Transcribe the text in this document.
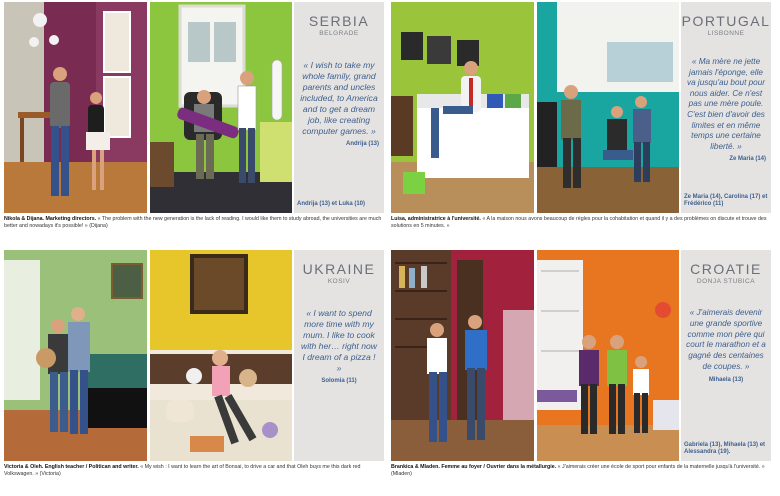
SERBIA
BELGRADE
« I wish to take my whole family, grand parents and uncles included, to America and to get a dream job, like creating computer games. »
Andrija (13)
Andrija (13) et Luka (10)
Nikola & Dijana. Marketing directors. « The problem with the new generation is the lack of reading. I would like them to study abroad, the universities are much better and nowadays it's possible! » (Dijana)
PORTUGAL
LISBONNE
« Ma mère ne jette jamais l'éponge, elle va jusqu'au bout pour nous aider. Ce n'est pas une mère poule. C'est bien d'avoir des limites et en même temps une certaine liberté. »
Ze Maria (14)
Ze Maria (14), Carolina (17) et Frédérico (11)
Luisa, administratrice à l'université. « A la maison nous avons beaucoup de règles pour la cohabitation et quand il y a des problèmes on discute et trouve des solutions en 5 minutes. »
UKRAINE
KOSIV
« I want to spend more time with my mum. I like to cook with her… right now I dream of a pizza ! »
Solomia (11)
Victoria & Oleh. English teacher / Politican and writer. « My wish : I want to learn the art of Bonsai, to drive a car and that Oleh buys me this dark red Volkswagen. » (Victoria)
CROATIE
DONJA STUBICA
« J'aimerais devenir une grande sportive comme mon père qui court le marathon et a gagné des centaines de coupes. »
Mihaela (13)
Gabriela (13), Mihaela (13) et Alessandra (19).
Brankica & Mladen. Femme au foyer / Ouvrier dans la métallurgie. « J'aimerais créer une école de sport pour enfants de la maternelle jusqu'à l'université. » (Mladen)
